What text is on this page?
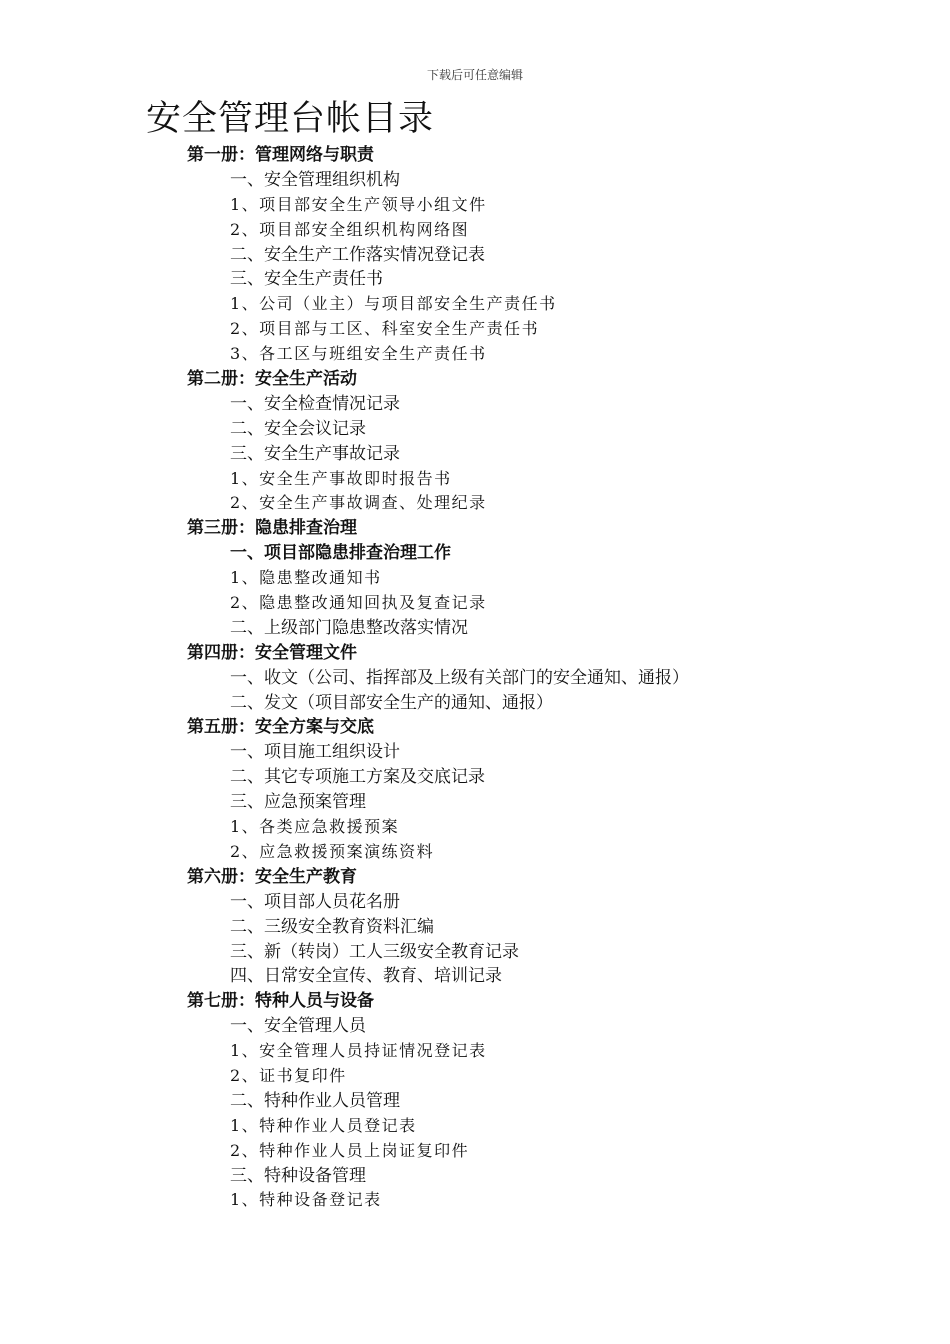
下载后可任意编辑
安全管理台帐目录
第一册：管理网络与职责
一、安全管理组织机构
1、项目部安全生产领导小组文件
2、项目部安全组织机构网络图
二、安全生产工作落实情况登记表
三、安全生产责任书
1、公司（业主）与项目部安全生产责任书
2、项目部与工区、科室安全生产责任书
3、各工区与班组安全生产责任书
第二册：安全生产活动
一、安全检查情况记录
二、安全会议记录
三、安全生产事故记录
1、安全生产事故即时报告书
2、安全生产事故调查、处理纪录
第三册：隐患排查治理
一、项目部隐患排查治理工作
1、隐患整改通知书
2、隐患整改通知回执及复查记录
二、上级部门隐患整改落实情况
第四册：安全管理文件
一、收文（公司、指挥部及上级有关部门的安全通知、通报）
二、发文（项目部安全生产的通知、通报）
第五册：安全方案与交底
一、项目施工组织设计
二、其它专项施工方案及交底记录
三、应急预案管理
1、各类应急救援预案
2、应急救援预案演练资料
第六册：安全生产教育
一、项目部人员花名册
二、三级安全教育资料汇编
三、新（转岗）工人三级安全教育记录
四、日常安全宣传、教育、培训记录
第七册：特种人员与设备
一、安全管理人员
1、安全管理人员持证情况登记表
2、证书复印件
二、特种作业人员管理
1、特种作业人员登记表
2、特种作业人员上岗证复印件
三、特种设备管理
1、特种设备登记表
